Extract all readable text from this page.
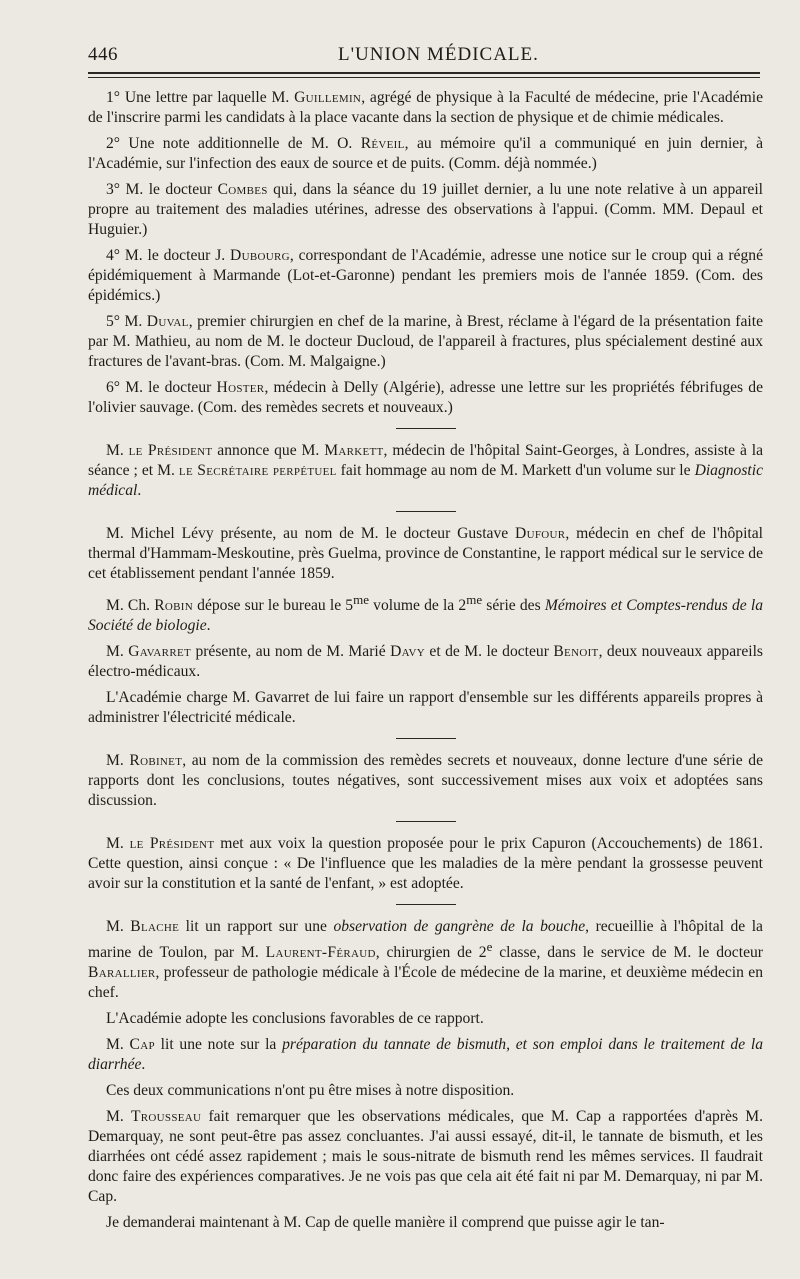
446	L'UNION MÉDICALE.

1° Une lettre par laquelle M. Guillemin, agrégé de physique à la Faculté de médecine, prie l'Académie de l'inscrire parmi les candidats à la place vacante dans la section de physique et de chimie médicales.

2° Une note additionnelle de M. O. Réveil, au mémoire qu'il a communiqué en juin dernier, à l'Académie, sur l'infection des eaux de source et de puits. (Comm. déjà nommée.)

3° M. le docteur Combes qui, dans la séance du 19 juillet dernier, a lu une note relative à un appareil propre au traitement des maladies utérines, adresse des observations à l'appui. (Comm. MM. Depaul et Huguier.)

4° M. le docteur J. Dubourg, correspondant de l'Académie, adresse une notice sur le croup qui a régné épidémiquement à Marmande (Lot-et-Garonne) pendant les premiers mois de l'année 1859. (Com. des épidémics.)

5° M. Duval, premier chirurgien en chef de la marine, à Brest, réclame à l'égard de la présentation faite par M. Mathieu, au nom de M. le docteur Ducloud, de l'appareil à fractures, plus spécialement destiné aux fractures de l'avant-bras. (Com. M. Malgaigne.)

6° M. le docteur Hoster, médecin à Delly (Algérie), adresse une lettre sur les propriétés fébrifuges de l'olivier sauvage. (Com. des remèdes secrets et nouveaux.)

M. le Président annonce que M. Markett, médecin de l'hôpital Saint-Georges, à Londres, assiste à la séance ; et M. le Secrétaire perpétuel fait hommage au nom de M. Markett d'un volume sur le Diagnostic médical.

M. Michel Lévy présente, au nom de M. le docteur Gustave Dufour, médecin en chef de l'hôpital thermal d'Hammam-Meskoutine, près Guelma, province de Constantine, le rapport médical sur le service de cet établissement pendant l'année 1859.

M. Ch. Robin dépose sur le bureau le $5^{me}$ volume de la $2^{me}$ série des Mémoires et Comptes-rendus de la Société de biologie.

M. Gavarret présente, au nom de M. Marié Davy et de M. le docteur Benoit, deux nouveaux appareils électro-médicaux.

L'Académie charge M. Gavarret de lui faire un rapport d'ensemble sur les différents appareils propres à administrer l'électricité médicale.

M. Robinet, au nom de la commission des remèdes secrets et nouveaux, donne lecture d'une série de rapports dont les conclusions, toutes négatives, sont successivement mises aux voix et adoptées sans discussion.

M. le Président met aux voix la question proposée pour le prix Capuron (Accouchements) de 1861. Cette question, ainsi conçue : « De l'influence que les maladies de la mère pendant la grossesse peuvent avoir sur la constitution et la santé de l'enfant, » est adoptée.

M. Blache lit un rapport sur une observation de gangrène de la bouche, recueillie à l'hôpital de la marine de Toulon, par M. Laurent-Féraud, chirurgien de 2e classe, dans le service de M. le docteur Barallier, professeur de pathologie médicale à l'École de médecine de la marine, et deuxième médecin en chef.

L'Académie adopte les conclusions favorables de ce rapport.

M. Cap lit une note sur la préparation du tannate de bismuth, et son emploi dans le traitement de la diarrhée.

Ces deux communications n'ont pu être mises à notre disposition.

M. Trousseau fait remarquer que les observations médicales, que M. Cap a rapportées d'après M. Demarquay, ne sont peut-être pas assez concluantes. J'ai aussi essayé, dit-il, le tannate de bismuth, et les diarrhées ont cédé assez rapidement ; mais le sous-nitrate de bismuth rend les mêmes services. Il faudrait donc faire des expériences comparatives. Je ne vois pas que cela ait été fait ni par M. Demarquay, ni par M. Cap.

Je demanderai maintenant à M. Cap de quelle manière il comprend que puisse agir le tan-
